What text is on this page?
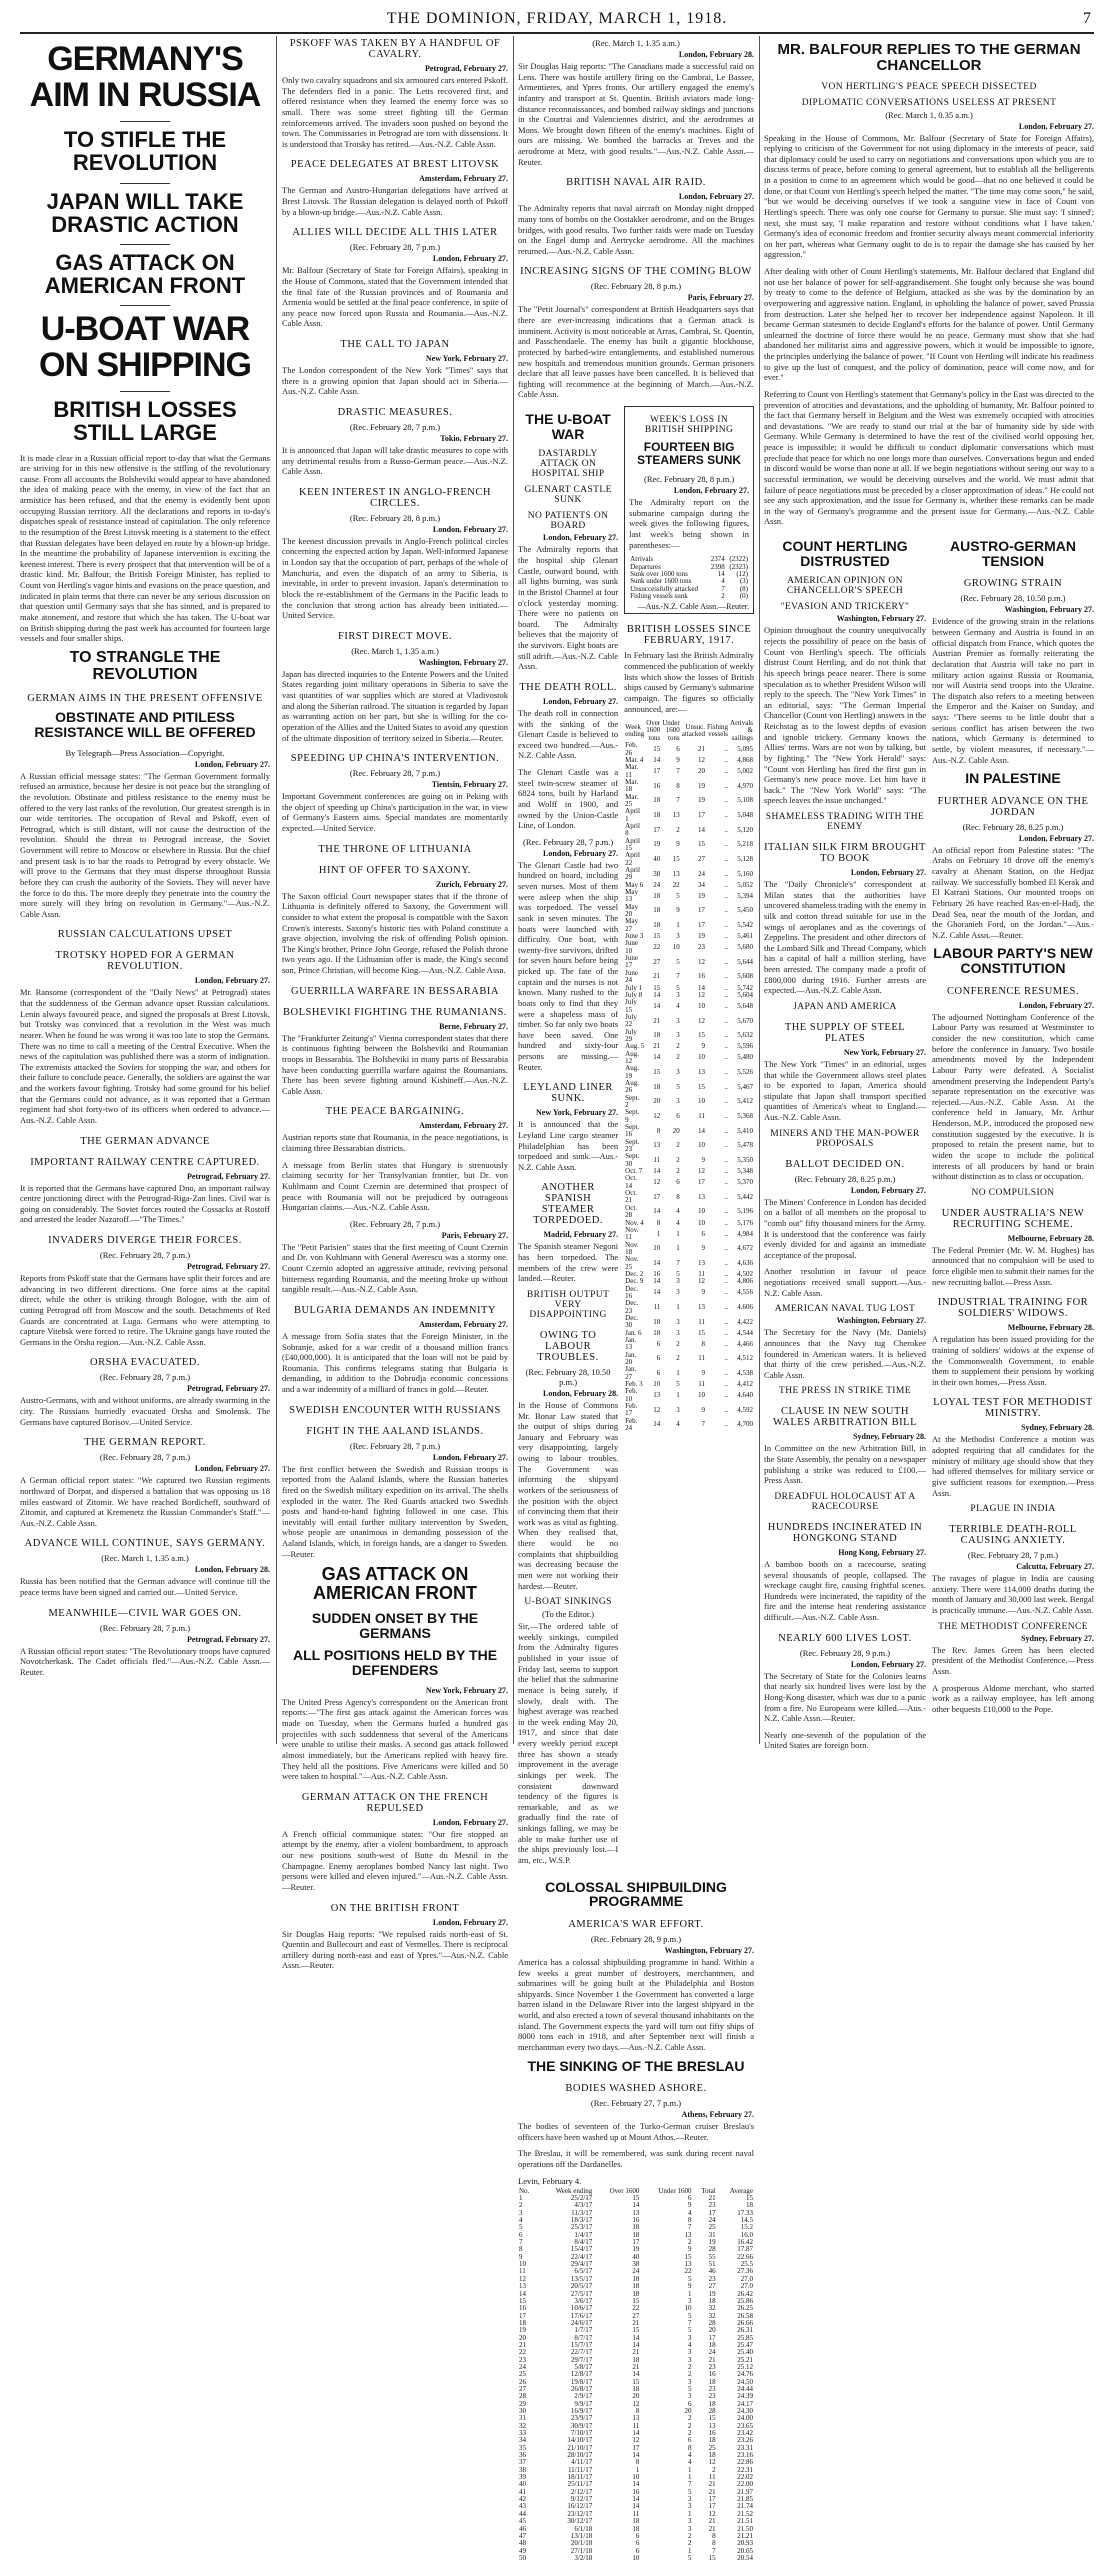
THE DOMINION, FRIDAY, MARCH 1, 1918.	7
GERMANY'S AIM IN RUSSIA
TO STIFLE THE REVOLUTION
JAPAN WILL TAKE DRASTIC ACTION
GAS ATTACK ON AMERICAN FRONT
U-BOAT WAR ON SHIPPING
BRITISH LOSSES STILL LARGE

It is made clear in a Russian official report to-day that what the Germans are striving for in this new offensive is the stifling of the revolutionary cause. From all accounts the Bolsheviki would appear to have abandoned the idea of making peace with the enemy, in view of the fact that an armistice has been refused, and that the enemy is evidently bent upon occupying Russian territory. All the declarations and reports in to-day's dispatches speak of resistance instead of capitulation. The only reference to the resumption of the Brest Litovsk meeting is a statement to the effect that Russian delegates have been delayed en route by a blown-up bridge. In the meantime the probability of Japanese intervention is exciting the keenest interest. There is every prospect that that intervention will be of a drastic kind. Mr. Balfour, the British Foreign Minister, has replied to Count von Hertling's vague hints and evasions on the peace question, and indicated in plain terms that there can never be any serious discussion on that question until Germany says that she has sinned, and is prepared to make atonement, and restore that which she has taken. The U-boat war on British shipping during the past week has accounted for fourteen large vessels and four smaller ships.

TO STRANGLE THE REVOLUTION
GERMAN AIMS IN THE PRESENT OFFENSIVE
OBSTINATE AND PITILESS RESISTANCE WILL BE OFFERED
By Telegraph—Press Association—Copyright.
London, February 27.

A Russian official message states: "The German Government formally refused an armistice, because her desire is not peace but the strangling of the revolution. Obstinate and pitiless resistance to the enemy must be offered to the very last ranks of the revolution. Our greatest strength is in our wide territories. The occupation of Reval and Pskoff, even of Petrograd, which is still distant, will not cause the destruction of the revolution. Should the threat to Petrograd increase, the Soviet Government will retire to Moscow or elsewhere in Russia. But the chief and present task is to bar the roads to Petrograd by every obstacle. We will prove to the Germans that they must disperse throughout Russia before they can crush the authority of the Soviets. They will never have the force to do this. The more deeply they penetrate into the country the more surely will they bring on revolution in Germany."—Aus.-N.Z. Cable Assn.

RUSSIAN CALCULATIONS UPSET
TROTSKY HOPED FOR A GERMAN REVOLUTION.
London, February 27.

Mr. Ransome (correspondent of the "Daily News" at Petrograd) states that the suddenness of the German advance upset Russian calculations. Lenin always favoured peace, and signed the proposals at Brest Litovsk, but Trotsky was convinced that a revolution in the West was much nearer. When he found he was wrong it was too late to stop the Germans. There was no time to call a meeting of the Central Executive. When the news of the capitulation was published there was a storm of indignation. The extremists attacked the Soviets for stopping the war, and others for their failure to conclude peace. Generally, the soldiers are against the war and the workers favour fighting. Trotsky had some ground for his belief that the Germans could not advance, as it was reported that a German regiment had shot forty-two of its officers when ordered to advance.—Aus.-N.Z. Cable Assn.

THE GERMAN ADVANCE
IMPORTANT RAILWAY CENTRE CAPTURED.
Petrograd, February 27.

It is reported that the Germans have captured Dno, an important railway centre junctioning direct with the Petrograd-Riga-Zan lines. Civil war is going on considerably. The Soviet forces routed the Cossacks at Rostoff and arrested the leader Nazaroff.—"The Times."

INVADERS DIVERGE THEIR FORCES.
(Rec. February 28, 7 p.m.)
Petrograd, February 27.

Reports from Pskoff state that the Germans have split their forces and are advancing in two different directions. One force aims at the capital direct, while the other is striking through Bologoe, with the aim of cutting Petrograd off from Moscow and the south. Detachments of Red Guards are concentrated at Luga. Germans who were attempting to capture Vitebsk were forced to retire. The Ukraine gangs have routed the Germans in the Orsha region.—Aus.-N.Z. Cable Assn.

ORSHA EVACUATED.
(Rec. February 28, 7 p.m.)
Petrograd, February 27.

Austro-Germans, with and without uniforms, are already swarming in the city. The Russians hurriedly evacuated Orsha and Smolensk. The Germans have captured Borisov.—United Service.

THE GERMAN REPORT.
(Rec. February 28, 7 p.m.)
London, February 27.

A German official report states: "We captured two Russian regiments northward of Dorpat, and dispersed a battalion that was opposing us 18 miles eastward of Zitomir. We have reached Bordicheff, southward of Zitomir, and captured at Kremenetz the Russian Commander's Staff."—Aus.-N.Z. Cable Assn.

ADVANCE WILL CONTINUE, SAYS GERMANY.
(Rec. March 1, 1.35 a.m.)
London, February 28.

Russia has been notified that the German advance will continue till the peace terms have been signed and carried out.—United Service.

MEANWHILE—CIVIL WAR GOES ON.
(Rec. February 28, 7 p.m.)
Petrograd, February 27.

A Russian official report states: "The Revolutionary troops have captured Novotcherkask. The Cadet officials fled."—Aus.-N.Z. Cable Assn.—Reuter.

PSKOFF WAS TAKEN BY A HANDFUL OF CAVALRY.
Petrograd, February 27.

Only two cavalry squadrons and six armoured cars entered Pskoff. The defenders fled in a panic. The Letts recovered first, and offered resistance when they learned the enemy force was so small. There was some street fighting till the German reinforcements arrived. The invaders soon pushed on beyond the town. The Commissaries in Petrograd are torn with dissensions. It is understood that Trotsky has retired.—Aus.-N.Z. Cable Assn.

PEACE DELEGATES AT BREST LITOVSK
Amsterdam, February 27.

The German and Austro-Hungarian delegations have arrived at Brest Litovsk. The Russian delegation is delayed north of Pskoff by a blown-up bridge.—Aus.-N.Z. Cable Assn.

ALLIES WILL DECIDE ALL THIS LATER
(Rec. February 28, 7 p.m.)
London, February 27.

Mr. Balfour (Secretary of State for Foreign Affairs), speaking in the House of Commons, stated that the Government intended that the final fate of the Russian provinces and of Roumania and Armenia would be settled at the final peace conference, in spite of any peace now forced upon Russia and Roumania.—Aus.-N.Z. Cable Assn.

THE CALL TO JAPAN
New York, February 27.

The London correspondent of the New York "Times" says that there is a growing opinion that Japan should act in Siberia.—Aus.-N.Z. Cable Assn.

DRASTIC MEASURES.
(Rec. February 28, 7 p.m.)
Tokio, February 27.

It is announced that Japan will take drastic measures to cope with any detrimental results from a Russo-German peace.—Aus.-N.Z. Cable Assn.

KEEN INTEREST IN ANGLO-FRENCH CIRCLES.
(Rec. February 28, 8 p.m.)
London, February 27.

The keenest discussion prevails in Anglo-French political circles concerning the expected action by Japan. Well-informed Japanese in London say that the occupation of part, perhaps of the whole of Manchuria, and even the dispatch of an army to Siberia, is inevitable, in order to prevent invasion. Japan's determination to block the re-establishment of the Germans in the Pacific leads to the conclusion that strong action has already been initiated.—United Service.

FIRST DIRECT MOVE.
(Rec. March 1, 1.35 a.m.)
Washington, February 27.

Japan has directed inquiries to the Entente Powers and the United States regarding joint military operations in Siberia to save the vast quantities of war supplies which are stored at Vladivostok and along the Siberian railroad. The situation is regarded by Japan as warranting action on her part, but she is willing for the co-operation of the Allies and the United States to avoid any question of the ultimate disposition of territory seized in Siberia.—Reuter.

SPEEDING UP CHINA'S INTERVENTION.
(Rec. February 28, 7 p.m.)
Tientsin, February 27.

Important Government conferences are going on in Peking with the object of speeding up China's participation in the war, in view of Germany's Eastern aims. Special mandates are momentarily expected.—United Service.

THE THRONE OF LITHUANIA
HINT OF OFFER TO SAXONY.
Zurich, February 27.

The Saxon official Court newspaper states that if the throne of Lithuania is definitely offered to Saxony, the Government will consider to what extent the proposal is compatible with the Saxon Crown's interests. Saxony's historic ties with Poland constitute a grave objection, involving the risk of offending Polish opinion. The King's brother, Prince John George, refused the Polish throne two years ago. If the Lithuanian offer is made, the King's second son, Prince Christian, will become King.—Aus.-N.Z. Cable Assn.

GUERRILLA WARFARE IN BESSARABIA
BOLSHEVIKI FIGHTING THE RUMANIANS.
Berne, February 27.

The "Frankfurter Zeitung's" Vienna correspondent states that there is continuous fighting between the Bolsheviki and Roumanian troops in Bessarabia. The Bolsheviki in many parts of Bessarabia have been conducting guerrilla warfare against the Roumanians. There has been severe fighting around Kishineff.—Aus.-N.Z. Cable Assn.

THE PEACE BARGAINING.
Amsterdam, February 27.

Austrian reports state that Roumania, in the peace negotiations, is claiming three Bessarabian districts.

A message from Berlin states that Hungary is strenuously claiming security for her Transylvanian frontier, but Dr. von Kuhlmann and Count Czernin are determined that prospect of peace with Roumania will not be prejudiced by outrageous Hungarian claims.—Aus.-N.Z. Cable Assn.

(Rec. February 28, 7 p.m.)
Paris, February 27.

The "Petit Parisien" states that the first meeting of Count Czernin and Dr. von Kuhlmann with General Averescu was a stormy one. Count Czernin adopted an aggressive attitude, reviving personal bitterness regarding Roumania, and the meeting broke up without tangible result.—Aus.-N.Z. Cable Assn.

BULGARIA DEMANDS AN INDEMNITY
Amsterdam, February 27.

A message from Sofia states that the Foreign Minister, in the Sobranje, asked for a war credit of a thousand million francs (£40,000,000). It is anticipated that the loan will not be paid by Roumania. This confirms telegrams stating that Bulgaria is demanding, in addition to the Dobrudja economic concessions and a war indemnity of a milliard of francs in gold.—Reuter.

SWEDISH ENCOUNTER WITH RUSSIANS
FIGHT IN THE AALAND ISLANDS.
(Rec. February 28, 7 p.m.)
London, February 27.

The first conflict between the Swedish and Russian troops is reported from the Aaland Islands, where the Russian batteries fired on the Swedish military expedition on its arrival. The shells exploded in the water. The Red Guards attacked two Swedish posts and hand-to-hand fighting followed in one case. This inevitably will entail further military intervention by Sweden, whose people are unanimous in demanding possession of the Aaland Islands, which, in foreign hands, are a danger to Sweden.—Reuter.

GAS ATTACK ON AMERICAN FRONT
SUDDEN ONSET BY THE GERMANS
ALL POSITIONS HELD BY THE DEFENDERS
New York, February 27.

The United Press Agency's correspondent on the American front reports:—"The first gas attack against the American forces was made on Tuesday, when the Germans hurled a hundred gas projectiles with such suddenness that several of the Americans were unable to utilise their masks. A second gas attack followed almost immediately, but the Americans replied with heavy fire. They held all the positions. Five Americans were killed and 50 were taken to hospital."—Aus.-N.Z. Cable Assn.

GERMAN ATTACK ON THE FRENCH REPULSED
London, February 27.

A French official communique states: "Our fire stopped an attempt by the enemy, after a violent bombardment, to approach our new positions south-west of Butte du Mesnil in the Champagne. Enemy aeroplanes bombed Nancy last night. Two persons were killed and eleven injured."—Aus.-N.Z. Cable Assn.—Reuter.

ON THE BRITISH FRONT
London, February 27.

Sir Douglas Haig reports: "We repulsed raids north-east of St. Quentin and Bullecourt and east of Vermelles. There is reciprocal artillery during north-east and east of Ypres."—Aus.-N.Z. Cable Assn.—Reuter.

(Rec. March 1, 1.35 a.m.)
London, February 28.

Sir Douglas Haig reports: "The Canadians made a successful raid on Lens. There was hostile artillery firing on the Cambrai, Le Bassee, Armentieres, and Ypres fronts. Our artillery engaged the enemy's infantry and transport at St. Quentin. British aviators made long-distance reconnaissances, and bombed railway sidings and junctions in the Courtrai and Valenciennes district, and the aerodromes at Mons. We brought down fifteen of the enemy's machines. Eight of ours are missing. We bombed the barracks at Treves and the aerodrome at Metz, with good results."—Aus.-N.Z. Cable Assn.—Reuter.

BRITISH NAVAL AIR RAID.
London, February 27.

The Admiralty reports that naval aircraft on Monday night dropped many tons of bombs on the Oostakker aerodrome, and on the Bruges bridges, with good results. Two further raids were made on Tuesday on the Engel dump and Aertrycke aerodrome. All the machines returned.—Aus.-N.Z. Cable Assn.

INCREASING SIGNS OF THE COMING BLOW
(Rec. February 28, 8 p.m.)
Paris, February 27.

The "Petit Journal's" correspondent at British Headquarters says that there are ever-increasing indications that a German attack is imminent. Activity is most noticeable at Arras, Cambrai, St. Quentin, and Passchendaele. The enemy has built a gigantic blockhouse, protected by barbed-wire entanglements, and established numerous new hospitals and tremendous munition grounds. German prisoners declare that all leave passes have been cancelled. It is believed that fighting will recommence at the beginning of March.—Aus.-N.Z. Cable Assn.

THE U-BOAT WAR
DASTARDLY ATTACK ON HOSPITAL SHIP
GLENART CASTLE SUNK
NO PATIENTS ON BOARD
London, February 27.

The Admiralty reports that the hospital ship Glenart Castle, outward bound, with all lights burning, was sunk in the Bristol Channel at four o'clock yesterday morning. There were no patients on board. The Admiralty believes that the majority of the survivors. Eight boats are still adrift.—Aus.-N.Z. Cable Assn.

THE DEATH ROLL.
London, February 27.

The death roll in connection with the sinking of the Glenart Castle is believed to exceed two hundred.—Aus.-N.Z. Cable Assn.

The Glenart Castle was a steel twin-screw steamer of 6824 tons, built by Harland and Wolff in 1900, and owned by the Union-Castle Line, of London.

(Rec. February 28, 7 p.m.)
London, February 27.

The Glenart Castle had two hundred on board, including seven nurses. Most of them were asleep when the ship was torpedoed. The vessel sank in seven minutes. The boats were launched with difficulty. One boat, with twenty-five survivors, drifted for seven hours before being picked up. The fate of the captain and the nurses is not known. Many rushed to the boats only to find that they were a shapeless mass of timber. So far only two boats have been saved. One hundred and sixty-four persons are missing.—Reuter.

LEYLAND LINER SUNK.
New York, February 27.

It is announced that the Leyland Line cargo steamer Philadelphian has been torpedoed and sunk.—Aus.-N.Z. Cable Assn.

ANOTHER SPANISH STEAMER TORPEDOED.
Madrid, February 27.

The Spanish steamer Negoni has been torpedoed. The members of the crew were landed.—Reuter.

BRITISH OUTPUT VERY DISAPPOINTING
OWING TO LABOUR TROUBLES.
(Rec. February 28, 10.50 p.m.)
London, February 28.

In the House of Commons Mr. Bonar Law stated that the output of ships during January and February was very disappointing, largely owing to labour troubles. The Government was informing the shipyard workers of the seriousness of the position with the object of convincing them that their work was as vital as fighting. When they realised that, there would be no complaints that shipbuilding was decreasing because the men were not working their hardest.—Reuter.

U-BOAT SINKINGS
(To the Editor.)

Sir,—The ordered table of weekly sinkings, compiled from the Admiralty figures published in your issue of Friday last, seems to support the belief that the submarine menace is being surely, if slowly, dealt with. The highest average was reached in the week ending May 20, 1917, and since that date every weekly period except three has shown a steady improvement in the average sinkings per week. The consistent downward tendency of the figures is remarkable, and as we gradually find the rate of sinkings falling, we may be able to make further use of the ships previously lost.—I am, etc., W.S.P.

WEEK'S LOSS IN BRITISH SHIPPING
FOURTEEN BIG STEAMERS SUNK
(Rec. February 28, 8 p.m.)
London, February 27.

The Admiralty report on the submarine campaign during the week gives the following figures, last week's being shown in parentheses:—

Arrivals	2374	(2322)
Departures	2398	(2323)
Sunk over 1600 tons	14	(12)
Sunk under 1600 tons	4	(3)
Unsuccessfully attacked	7	(8)
Fishing vessels sunk	2	(0)
—Aus.-N.Z. Cable Assn.—Reuter.
BRITISH LOSSES SINCE FEBRUARY, 1917.

In February last the British Admiralty commenced the publication of weekly lists which show the losses of British ships caused by Germany's submarine campaign. The figures so officially announced, are:—

Week ending	Over 1600 tons	Under 1600 tons	Unsuc. attacked	Fishing vessels	Arrivals & sailings
Feb. 26	15	6	21	..	5,095
Mar. 4	14	9	12	..	4,868
Mar. 11	17	7	20	..	5,002
Mar. 18	16	8	19	..	4,970
Mar. 25	18	7	19	..	5,108
April 1	18	13	17	..	5,048
April 8	17	2	14	..	5,120
April 15	19	9	15	..	5,218
April 22	40	15	27	..	5,128
April 29	38	13	24	..	5,160
May 6	24	22	34	..	5,052
May 13	18	5	19	..	5,394
May 20	18	9	17	..	5,450
May 27	18	1	17	..	5,542
June 3	15	3	19	..	5,461
June 10	22	10	23	..	5,680
June 17	27	5	12	..	5,644
June 24	21	7	16	..	5,608
July 1	15	5	14	..	5,742
July 8	14	3	12	..	5,604
July 15	14	4	10	..	5,648
July 22	21	3	12	..	5,670
July 29	18	3	15	..	5,632
Aug. 5	21	2	9	..	5,596
Aug. 12	14	2	10	..	5,480
Aug. 19	15	3	13	..	5,526
Aug. 26	18	5	15	..	5,467
Sept. 2	20	3	10	..	5,412
Sept. 9	12	6	11	..	5,368
Sept. 16	8	20	14	..	5,410
Sept. 23	13	2	10	..	5,478
Sept. 30	11	2	9	..	5,350
Oct. 7	14	2	12	..	5,348
Oct. 14	12	6	17	..	5,370
Oct. 21	17	8	13	..	5,442
Oct. 28	14	4	10	..	5,196
Nov. 4	8	4	10	..	5,176
Nov. 11	1	1	6	..	4,984
Nov. 18	10	1	9	..	4,672
Nov. 25	14	7	13	..	4,636
Dec. 2	16	5	11	..	4,502
Dec. 9	14	3	12	..	4,806
Dec. 16	14	3	9	..	4,556
Dec. 23	11	1	13	..	4,606
Dec. 30	18	3	11	..	4,422
Jan. 6	18	3	15	..	4,544
Jan. 13	6	2	8	..	4,466
Jan. 20	6	2	11	..	4,512
Jan. 27	6	1	9	..	4,538
Feb. 3	10	5	11	..	4,412
Feb. 10	13	1	10	..	4,640
Feb. 17	12	3	9	..	4,592
Feb. 24	14	4	7	..	4,700
COLOSSAL SHIPBUILDING PROGRAMME
AMERICA'S WAR EFFORT.
(Rec. February 28, 9 p.m.)
Washington, February 27.

America has a colossal shipbuilding programme in hand. Within a few weeks a great number of destroyers, merchantmen, and submarines will be going built at the Philadelphia and Boston shipyards. Since November 1 the Government has converted a large barren island in the Delaware River into the largest shipyard in the world, and also erected a town of several thousand inhabitants on the island. The Government expects the yard will turn out fifty ships of 8000 tons each in 1918, and after September next will finish a merchantman every two days.—Aus.-N.Z. Cable Assn.

THE SINKING OF THE BRESLAU
BODIES WASHED ASHORE.
(Rec. February 27, 7 p.m.)
Athens, February 27.

The bodies of seventeen of the Turko-German cruiser Breslau's officers have been washed up at Mount Athos.—Reuter.

The Breslau, it will be remembered, was sunk during recent naval operations off the Dardanelles.

Levin, February 4.
No.	Week ending	Over 1600	Under 1600	Total	Average
1	25/2/17	15	6	21	15
2	4/3/17	14	9	23	18
3	11/3/17	13	4	17	17.33
4	18/3/17	16	8	24	14.5
5	25/3/17	18	7	25	15.2
6	1/4/17	18	13	31	16.0
7	8/4/17	17	2	19	16.42
8	15/4/17	19	9	28	17.87
9	22/4/17	40	15	55	22.66
10	29/4/17	38	13	51	25.5
11	6/5/17	24	22	46	27.36
12	13/5/17	18	5	23	27.0
13	20/5/17	18	9	27	27.0
14	27/5/17	18	1	19	26.42
15	3/6/17	15	3	18	25.86
16	10/6/17	22	10	32	26.25
17	17/6/17	27	5	32	26.58
18	24/6/17	21	7	28	26.66
19	1/7/17	15	5	20	26.31
20	8/7/17	14	3	17	25.85
21	15/7/17	14	4	18	25.47
22	22/7/17	21	3	24	25.40
23	29/7/17	18	3	21	25.21
24	5/8/17	21	2	23	25.12
25	12/8/17	14	2	16	24.76
26	19/8/17	15	3	18	24.50
27	26/8/17	18	5	23	24.44
28	2/9/17	20	3	23	24.39
29	9/9/17	12	6	18	24.17
30	16/9/17	8	20	28	24.30
31	23/9/17	13	2	15	24.00
32	30/9/17	11	2	13	23.65
33	7/10/17	14	2	16	23.42
34	14/10/17	12	6	18	23.26
35	21/10/17	17	8	25	23.31
36	28/10/17	14	4	18	23.16
37	4/11/17	8	4	12	22.86
38	11/11/17	1	1	2	22.31
39	18/11/17	10	1	11	22.02
40	25/11/17	14	7	21	22.00
41	2/12/17	16	5	21	21.97
42	9/12/17	14	3	17	21.85
43	16/12/17	14	3	17	21.74
44	23/12/17	11	1	12	21.52
45	30/12/17	18	3	21	21.51
46	6/1/18	18	3	21	21.50
47	13/1/18	6	2	8	21.21
48	20/1/18	6	2	8	20.93
49	27/1/18	6	1	7	20.65
50	3/2/18	10	5	15	20.54
MR. BALFOUR REPLIES TO THE GERMAN CHANCELLOR
VON HERTLING'S PEACE SPEECH DISSECTED
DIPLOMATIC CONVERSATIONS USELESS AT PRESENT
(Rec. March 1, 0.35 a.m.)
London, February 27.

Speaking in the House of Commons, Mr. Balfour (Secretary of State for Foreign Affairs), replying to criticism of the Government for not using diplomacy in the interests of peace, said that diplomacy could be used to carry on negotiations and conversations upon which you are to discuss terms of peace, before coming to general agreement, but to establish all the belligerents in a position to come to an agreement which would be good—that no one believed it could be done, or that Count von Hertling's speech helped the matter. "The time may come soon," he said, "but we would be deceiving ourselves if we took a sanguine view in face of Count von Hertling's speech. There was only one course for Germany to pursue. She must say: 'I sinned'; next, she must say, 'I make reparation and restore without conditions what I have taken.' Germany's idea of economic freedom and frontier security always meant commercial inferiority on her part, whereas what Germany ought to do is to repair the damage she has caused by her aggression."

After dealing with other of Count Hertling's statements, Mr. Balfour declared that England did not use her balance of power for self-aggrandisement. She fought only because she was bound by treaty to come to the defence of Belgium, attacked as she was by the domination by an overpowering and aggressive nation. England, in upholding the balance of power, saved Prussia from destruction. Later she helped her to recover her independence against Napoleon. It ill became German statesmen to decide England's efforts for the balance of power. Until Germany unlearned the doctrine of force there would be no peace. Germany must show that she had abandoned her militarist aims and aggressive powers, which it would be impossible to ignore, the principles underlying the balance of power. "If Count von Hertling will indicate his readiness to give up the lust of conquest, and the policy of domination, peace will come now, and for ever."

Referring to Count von Hertling's statement that Germany's policy in the East was directed to the prevention of atrocities and devastations, and the upholding of humanity, Mr. Balfour pointed to the fact that Germany herself in Belgium and the West was extremely occupied with atrocities and devastations. "We are ready to stand our trial at the bar of humanity side by side with Germany. While Germany is determined to have the rest of the civilised world opposing her, peace is impossible; it would be difficult to conduct diplomatic conversations which must preclude that peace for which no one longs more than ourselves. Conversations begun and ended in discord would be worse than none at all. If we begin negotiations without seeing our way to a successful termination, we would be deceiving ourselves and the world. We must admit that failure of peace negotiations must be preceded by a closer approximation of ideas." He could not see any such approximation, and the issue for Germany is, whether these remarks can be made in the way of Germany's programme and the present issue for Germany.—Aus.-N.Z. Cable Assn.

COUNT HERTLING DISTRUSTED
AMERICAN OPINION ON CHANCELLOR'S SPEECH
"EVASION AND TRICKERY"
Washington, February 27.

Opinion throughout the country unequivocally rejects the possibility of peace on the basis of Count von Hertling's speech. The officials distrust Count Hertling, and do not think that his speech brings peace nearer. There is some speculation as to whether President Wilson will reply to the speech. The "New York Times" in an editorial, says: "The German Imperial Chancellor (Count von Hertling) answers in the Reichstag as to the lowest depths of evasion and ignoble trickery. Germany knows the Allies' terms. Wars are not won by talking, but by fighting." The "New York Herald" says: "Count von Hertling has fired the first gun in Germany's new peace move. Let him have it back." The "New York World" says: "The speech leaves the issue unchanged."

SHAMELESS TRADING WITH THE ENEMY
ITALIAN SILK FIRM BROUGHT TO BOOK
London, February 27.

The "Daily Chronicle's" correspondent at Milan states that the authorities have uncovered shameless trading with the enemy in silk and cotton thread suitable for use in the wings of aeroplanes and as the coverings of Zeppelins. The president and other directors of the Lombard Silk and Thread Company, which has a capital of half a million sterling, have been arrested. The company made a profit of £800,000 during 1916. Further arrests are expected.—Aus.-N.Z. Cable Assn.

JAPAN AND AMERICA
THE SUPPLY OF STEEL PLATES
New York, February 27.

The New York "Times" in an editorial, urges that while the Government allows steel plates to be exported to Japan, America should stipulate that Japan shall transport specified quantities of America's wheat to England.—Aus.-N.Z. Cable Assn.

MINERS AND THE MAN-POWER PROPOSALS
BALLOT DECIDED ON.
(Rec. February 28, 8.25 p.m.)
London, February 27.

The Miners' Conference in London has decided on a ballot of all members on the proposal to "comb out" fifty thousand miners for the Army. It is understood that the conference was fairly evenly divided for and against an immediate acceptance of the proposal.

Another resolution in favour of peace negotiations received small support.—Aus.-N.Z. Cable Assn.

AMERICAN NAVAL TUG LOST
Washington, February 27.

The Secretary for the Navy (Mr. Daniels) announces that the Navy tug Cherokee foundered in American waters. It is believed that thirty of the crew perished.—Aus.-N.Z. Cable Assn.

THE PRESS IN STRIKE TIME
CLAUSE IN NEW SOUTH WALES ARBITRATION BILL
Sydney, February 28.

In Committee on the new Arbitration Bill, in the State Assembly, the penalty on a newspaper publishing a strike was reduced to £100.—Press Assn.

DREADFUL HOLOCAUST AT A RACECOURSE
HUNDREDS INCINERATED IN HONGKONG STAND
Hong Kong, February 27.

A bamboo booth on a racecourse, seating several thousands of people, collapsed. The wreckage caught fire, causing frightful scenes. Hundreds were incinerated, the rapidity of the fire and the intense heat rendering assistance difficult.—Aus.-N.Z. Cable Assn.

NEARLY 600 LIVES LOST.
(Rec. February 28, 9 p.m.)
London, February 27.

The Secretary of State for the Colonies learns that nearly six hundred lives were lost by the Hong-Kong disaster, which was due to a panic from a fire. No Europeans were killed.—Aus.-N.Z. Cable Assn.—Reuter.

Nearly one-seventh of the population of the United States are foreign born.

AUSTRO-GERMAN TENSION
GROWING STRAIN
(Rec. February 28, 10.50 p.m.)
Washington, February 27.

Evidence of the growing strain in the relations between Germany and Austria is found in an official dispatch from France, which quotes the Austrian Premier as formally reiterating the declaration that Austria will take no part in military action against Russia or Roumania, nor will Austria send troops into the Ukraine. The dispatch also refers to a meeting between the Emperor and the Kaiser on Sunday, and says: "There seems to be little doubt that a serious conflict has arisen between the two nations, which Germany is determined to settle, by violent measures, if necessary."—Aus.-N.Z. Cable Assn.

IN PALESTINE
FURTHER ADVANCE ON THE JORDAN
(Rec. February 28, 8.25 p.m.)
London, February 27.

An official report from Palestine states: "The Arabs on February 18 drove off the enemy's cavalry at Ahenam Station, on the Hedjaz railway. We successfully bombed El Kerak and El Katrani Stations. Our mounted troops on February 26 have reached Ras-en-el-Hadj, the Dead Sea, near the mouth of the Jordan, and the Ghoranieh Ford, on the Jordan."—Aus.-N.Z. Cable Assn.—Reuter.

LABOUR PARTY'S NEW CONSTITUTION
CONFERENCE RESUMES.
London, February 27.

The adjourned Nottingham Conference of the Labour Party was resumed at Westminster to consider the new constitution, which came before the conference in January. Two hostile amendments moved by the Independent Labour Party were defeated. A Socialist amendment preserving the Independent Party's separate representation on the executive was rejected.—Aus.-N.Z. Cable Assn. At the conference held in January, Mr. Arthur Henderson, M.P., introduced the proposed new constitution suggested by the executive. It is proposed to retain the present name, but to widen the scope to include the political interests of all producers by hand or brain without distinction as to class or occupation.

NO COMPULSION
UNDER AUSTRALIA'S NEW RECRUITING SCHEME.
Melbourne, February 28.

The Federal Premier (Mr. W. M. Hughes) has announced that no compulsion will be used to force eligible men to submit their names for the new recruiting ballot.—Press Assn.

INDUSTRIAL TRAINING FOR SOLDIERS' WIDOWS.
Melbourne, February 28.

A regulation has been issued providing for the training of soldiers' widows at the expense of the Commonwealth Government, to enable them to supplement their pensions by working in their own homes.—Press Assn.

LOYAL TEST FOR METHODIST MINISTRY.
Sydney, February 28.

At the Methodist Conference a motion was adopted requiring that all candidates for the ministry of military age should show that they had offered themselves for military service or give sufficient reasons for exemption.—Press Assn.

PLAGUE IN INDIA
TERRIBLE DEATH-ROLL CAUSING ANXIETY.
(Rec. February 28, 7 p.m.)
Calcutta, February 27.

The ravages of plague in India are causing anxiety. There were 114,000 deaths during the month of January and 30,000 last week. Bengal is practically immune.—Aus.-N.Z. Cable Assn.

THE METHODIST CONFERENCE
Sydney, February 27.

The Rev. James Green has been elected president of the Methodist Conference.—Press Assn.

A prosperous Aldome merchant, who started work as a railway employee, has left among other bequests £10,000 to the Pope.
